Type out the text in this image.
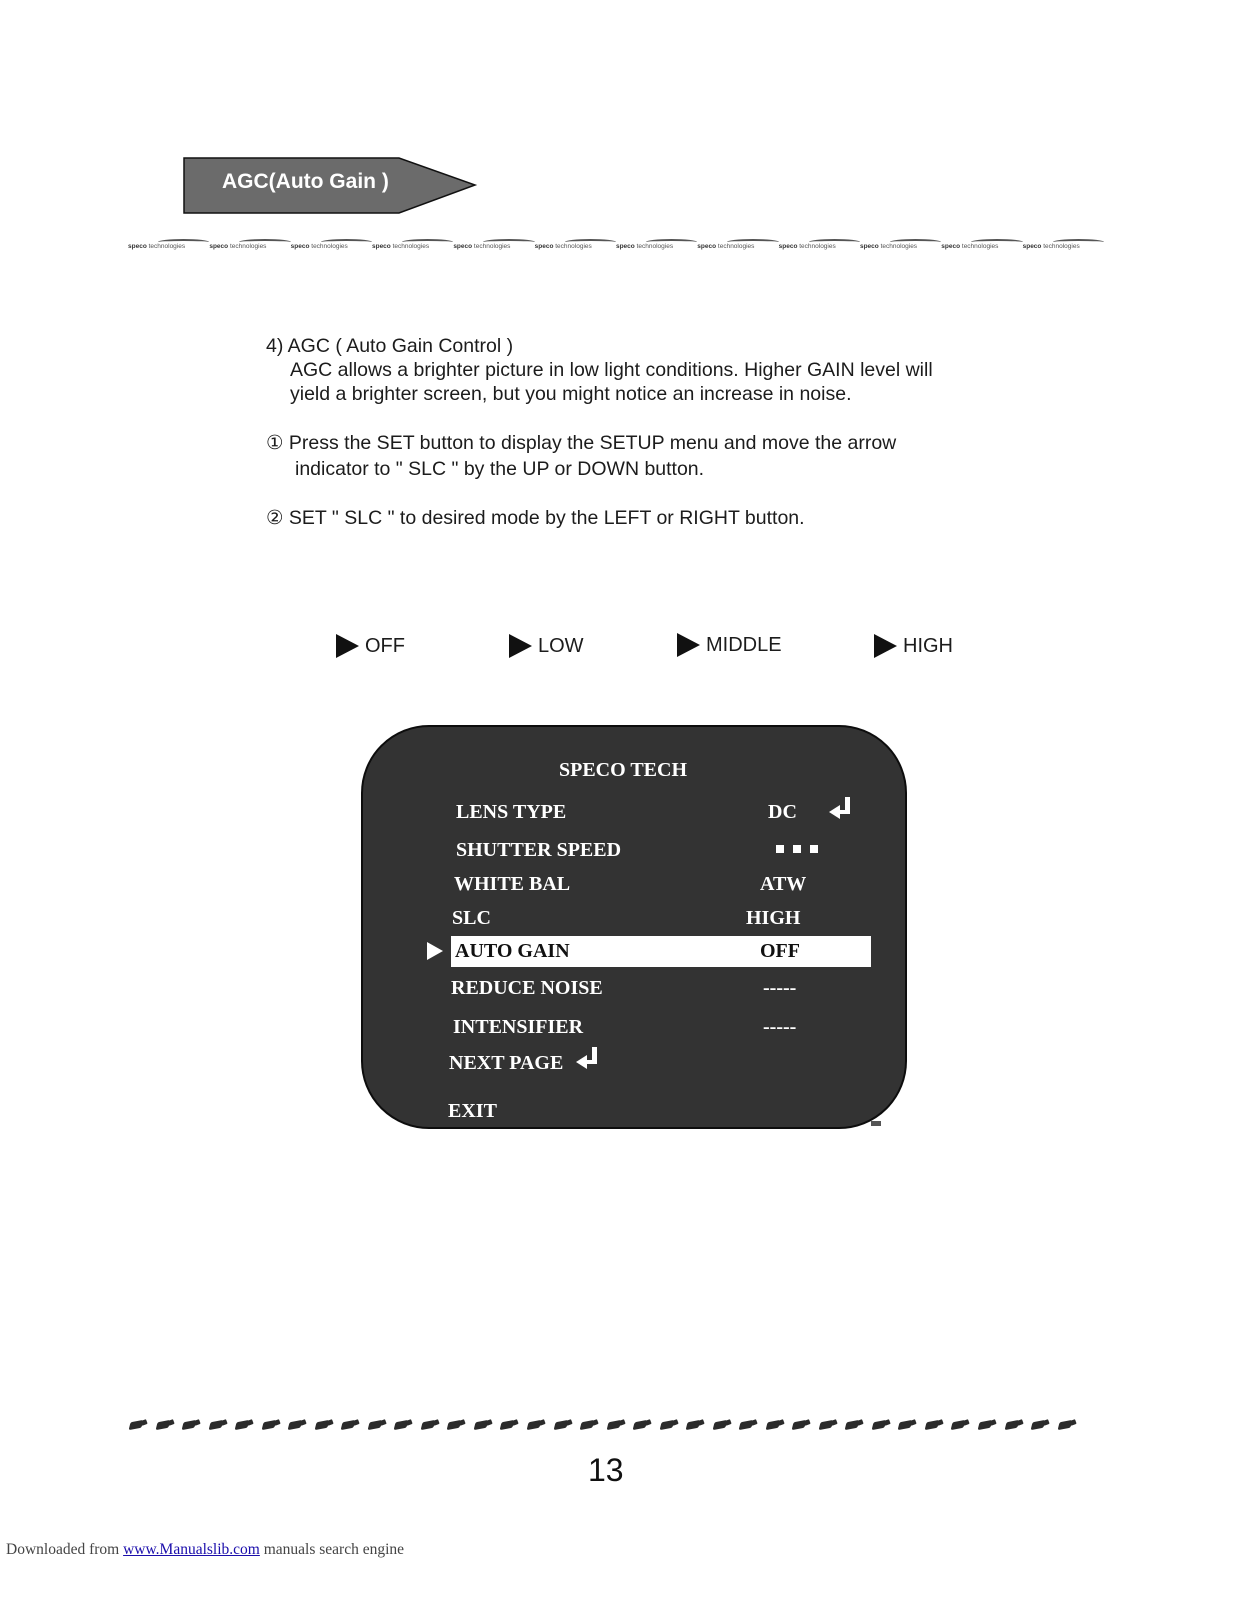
AGC(Auto Gain )
speco technologies	speco technologies	speco technologies	speco technologies	speco technologies	speco technologies	speco technologies	speco technologies	speco technologies	speco technologies	speco technologies	speco technologies
4) AGC ( Auto Gain Control )
AGC allows a brighter picture in low light conditions. Higher GAIN level will
yield a brighter screen, but you might notice an increase in noise.
① Press the SET button to display the SETUP menu and move the arrow
indicator to " SLC " by the UP or DOWN button.
② SET " SLC " to desired mode by the LEFT or RIGHT button.
OFF	LOW	MIDDLE	HIGH
SPECO TECH
LENS TYPE	DC
SHUTTER SPEED
WHITE BAL	ATW
SLC	HIGH
AUTO GAIN	OFF
REDUCE NOISE	-----
INTENSIFIER	-----
NEXT PAGE
EXIT
13
Downloaded from www.Manualslib.com manuals search engine
